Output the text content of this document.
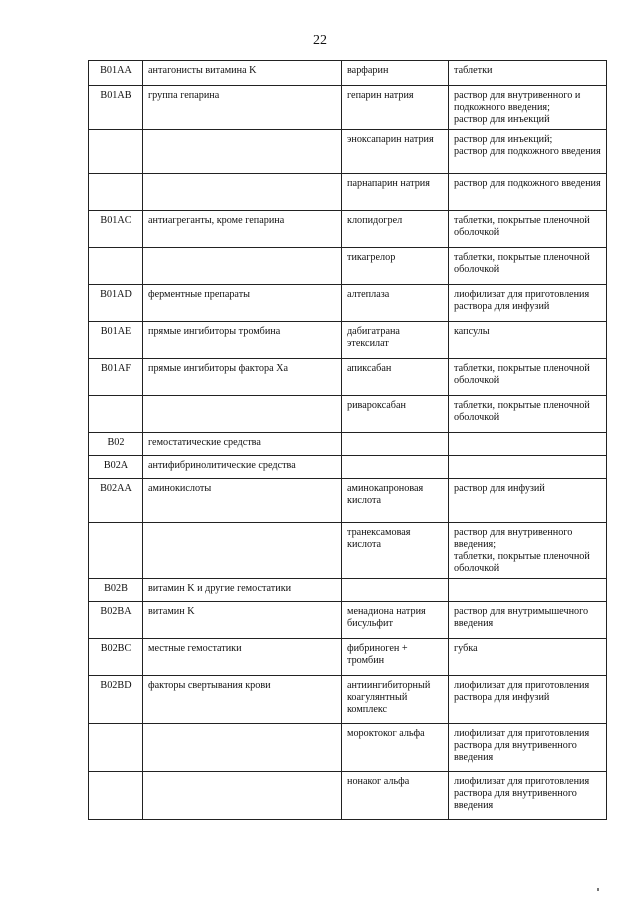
22
B01AA	антагонисты витамина K	варфарин	таблетки
B01AB	группа гепарина	гепарин натрия	раствор для внутривенного и подкожного введения;
раствор для инъекций
		эноксапарин натрия	раствор для инъекций;
раствор для подкожного введения
		парнапарин натрия	раствор для подкожного введения
B01AC	антиагреганты, кроме гепарина	клопидогрел	таблетки, покрытые пленочной оболочкой
		тикагрелор	таблетки, покрытые пленочной оболочкой
B01AD	ферментные препараты	алтеплаза	лиофилизат для приготовления раствора для инфузий
B01AE	прямые ингибиторы тромбина	дабигатрана этексилат	капсулы
B01AF	прямые ингибиторы фактора Xa	апиксабан	таблетки, покрытые пленочной оболочкой
		ривароксабан	таблетки, покрытые пленочной оболочкой
B02	гемостатические средства		
B02A	антифибринолитические средства		
B02AA	аминокислоты	аминокапроновая кислота	раствор для инфузий
		транексамовая кислота	раствор для внутривенного введения;
таблетки, покрытые пленочной оболочкой
B02B	витамин K и другие гемостатики		
B02BA	витамин K	менадиона натрия бисульфит	раствор для внутримышечного введения
B02BC	местные гемостатики	фибриноген + тромбин	губка
B02BD	факторы свертывания крови	антиингибиторный коагулянтный комплекс	лиофилизат для приготовления раствора для инфузий
		мороктоког альфа	лиофилизат для приготовления раствора для внутривенного введения
		нонаког альфа	лиофилизат для приготовления раствора для внутривенного введения
